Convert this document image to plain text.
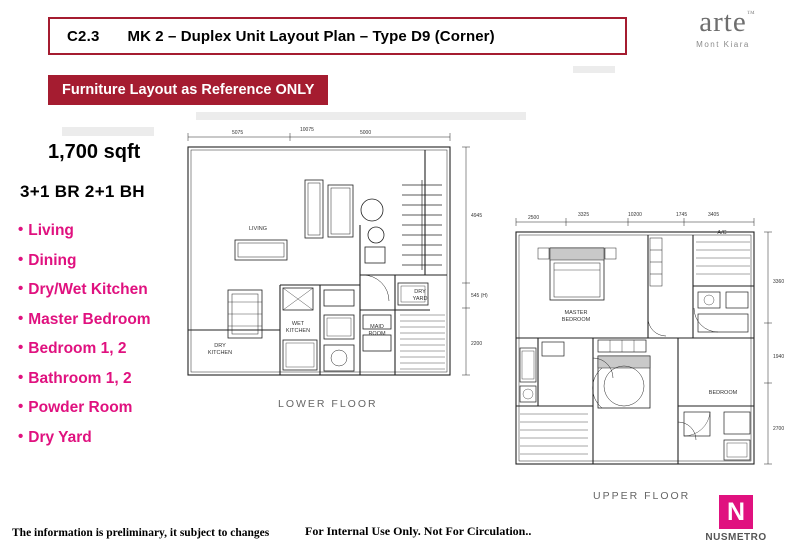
C2.3 MK 2 – Duplex Unit Layout Plan – Type D9 (Corner)
Furniture Layout as Reference ONLY
arte ™
Mont Kiara
1,700 sqft
3+1 BR 2+1 BH
• Living
• Dining
• Dry/Wet Kitchen
• Master Bedroom
• Bedroom 1, 2
• Bathroom 1, 2
• Powder Room
• Dry Yard
5075	10075	5000
4945
545 (H)
2200
LIVING
DRY
KITCHEN
WET
KITCHEN
DRY
YARD
MAID
ROOM
LOWER FLOOR
2500	3325	10200	1745	3405
3360
1940
2700
MASTER
BEDROOM
A/C
BEDROOM
UPPER FLOOR
The information is preliminary, it subject to changes	For Internal Use Only. Not For Circulation..
N
NUSMETRO
